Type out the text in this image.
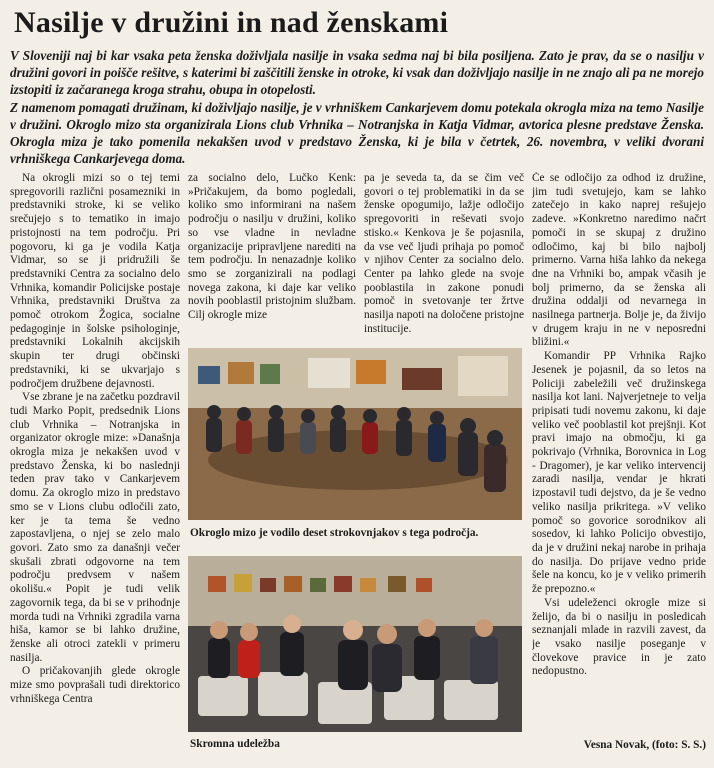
Nasilje v družini in nad ženskami

V Sloveniji naj bi kar vsaka peta ženska doživljala nasilje in vsaka sedma naj bi bila posiljena. Zato je prav, da se o nasilju v družini govori in poišče rešitve, s katerimi bi zaščitili ženske in otroke, ki vsak dan doživljajo nasilje in ne znajo ali pa ne morejo izstopiti iz začaranega kroga strahu, obupa in otopelosti.

Z namenom pomagati družinam, ki doživljajo nasilje, je v vrhniškem Cankarjevem domu potekala okrogla miza na temo Nasilje v družini. Okroglo mizo sta organizirala Lions club Vrhnika – Notranjska in Katja Vidmar, avtorica plesne predstave Ženska. Okrogla miza je tako pomenila nekakšen uvod v predstavo Ženska, ki je bila v četrtek, 26. novembra, v veliki dvorani vrhniškega Cankarjevega doma.

Na okrogli mizi so o tej temi spregovorili različni posamezniki in predstavniki stroke, ki se veliko srečujejo s to tematiko in imajo pristojnosti na tem področju. Pri pogovoru, ki ga je vodila Katja Vidmar, so se ji pridružili še predstavniki Centra za socialno delo Vrhnika, komandir Policijske postaje Vrhnika, predstavniki Društva za pomoč otrokom Žogica, socialne pedagoginje in šolske psihologinje, predstavniki Lokalnih akcijskih skupin ter drugi občinski predstavniki, ki se ukvarjajo s področjem družbene dejavnosti.

Vse zbrane je na začetku pozdravil tudi Marko Popit, predsednik Lions club Vrhnika – Notranjska in organizator okrogle mize: »Današnja okrogla miza je nekakšen uvod v predstavo Ženska, ki bo naslednji teden prav tako v Cankarjevem domu. Za okroglo mizo in predstavo smo se v Lions clubu odločili zato, ker je ta tema še vedno zapostavljena, o njej se zelo malo govori. Zato smo za današnji večer skušali zbrati odgovorne na tem področju predvsem v našem okolišu.« Popit je tudi velik zagovornik tega, da bi se v prihodnje morda tudi na Vrhniki zgradila varna hiša, kamor se bi lahko družine, ženske ali otroci zatekli v primeru nasilja.

O pričakovanjih glede okrogle mize smo povprašali tudi direktorico vrhniškega Centra

za socialno delo, Lučko Kenk: »Pričakujem, da bomo pogledali, koliko smo informirani na našem področju o nasilju v družini, koliko so vse vladne in nevladne organizacije pripravljene narediti na tem področju. In nenazadnje koliko smo se zorganizirali na podlagi novega zakona, ki daje kar veliko novih pooblastil pristojnim službam. Cilj okrogle mize

pa je seveda ta, da se čim več govori o tej problematiki in da se ženske opogumijo, lažje odločijo spregovoriti in reševati svojo stisko.« Kenkova je še pojasnila, da vse več ljudi prihaja po pomoč v njihov Center za socialno delo. Center pa lahko glede na svoje pooblastila in zakone ponudi pomoč in svetovanje ter žrtve nasilja napoti na določene pristojne institucije.

Okroglo mizo je vodilo deset strokovnjakov s tega področja.
Skromna udeležba

Če se odločijo za odhod iz družine, jim tudi svetujejo, kam se lahko zatečejo in kako naprej rešujejo zadeve. »Konkretno naredimo načrt pomoči in se skupaj z družino odločimo, kaj bi bilo najbolj primerno. Varna hiša lahko da nekega dne na Vrhniki bo, ampak včasih je bolj primerno, da se ženska ali družina oddalji od nevarnega in nasilnega partnerja. Bolje je, da živijo v drugem kraju in ne v neposredni bližini.«

Komandir PP Vrhnika Rajko Jesenek je pojasnil, da so letos na Policiji zabeležili več družinskega nasilja kot lani. Najverjetneje to velja pripisati tudi novemu zakonu, ki daje veliko več pooblastil kot prejšnji. Kot pravi imajo na območju, ki ga pokrivajo (Vrhnika, Borovnica in Log - Dragomer), je kar veliko intervencij zaradi nasilja, vendar je hkrati izpostavil tudi dejstvo, da je še vedno veliko nasilja prikritega. »V veliko pomoč so govorice sorodnikov ali sosedov, ki lahko Policijo obvestijo, da je v družini nekaj narobe in prihaja do nasilja. Do prijave vedno pride šele na koncu, ko je v veliko primerih že prepozno.«

Vsi udeleženci okrogle mize si želijo, da bi o nasilju in posledicah seznanjali mlade in razvili zavest, da je vsako nasilje poseganje v človekove pravice in je zato nedopustno.

Vesna Novak, (foto: S. S.)
